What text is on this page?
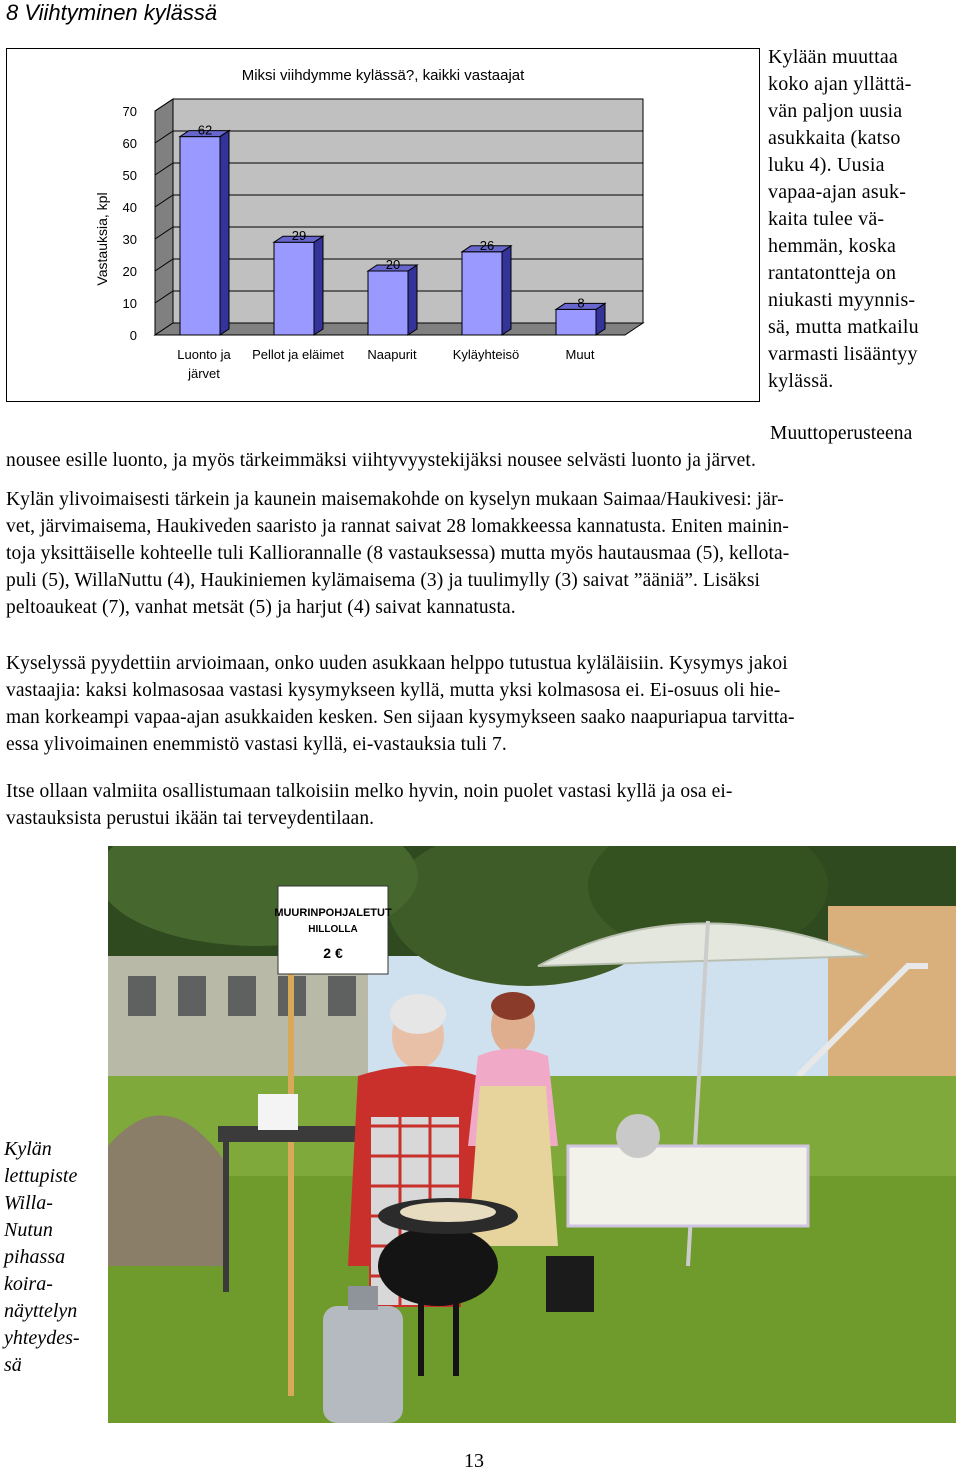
8 Viihtyminen kylässä
Miksi viihdymme kylässä?, kaikki vastaajat
Vastauksia, kpl
0
10
20
30
40
50
60
70
62
29
20
26
8
Luonto ja
järvet
Pellot ja eläimet Naapurit	Kyläyhteisö	Muut
Kylään muuttaa
koko ajan yllättä-
vän paljon uusia
asukkaita (katso
luku 4). Uusia
vapaa-ajan asuk-
kaita tulee vä-
hemmän, koska
rantatontteja on
niukasti myynnis-
sä, mutta matkailu
varmasti lisääntyy
kylässä.
Muuttoperusteena
nousee esille luonto, ja myös tärkeimmäksi viihtyvyystekijäksi nousee selvästi luonto ja järvet.
Kylän ylivoimaisesti tärkein ja kaunein maisemakohde on kyselyn mukaan Saimaa/Haukivesi: jär-
vet, järvimaisema, Haukiveden saaristo ja rannat saivat 28 lomakkeessa kannatusta. Eniten mainin-
toja yksittäiselle kohteelle tuli Kalliorannalle (8 vastauksessa) mutta myös hautausmaa (5), kellota-
puli (5), WillaNuttu (4), Haukiniemen kylämaisema (3) ja tuulimylly (3) saivat ”ääniä”. Lisäksi
peltoaukeat (7), vanhat metsät (5) ja harjut (4) saivat kannatusta.
Kyselyssä pyydettiin arvioimaan, onko uuden asukkaan helppo tutustua kyläläisiin. Kysymys jakoi
vastaajia: kaksi kolmasosaa vastasi kysymykseen kyllä, mutta yksi kolmasosa ei. Ei-osuus oli hie-
man korkeampi vapaa-ajan asukkaiden kesken. Sen sijaan kysymykseen saako naapuriapua tarvitta-
essa ylivoimainen enemmistö vastasi kyllä, ei-vastauksia tuli 7.
Itse ollaan valmiita osallistumaan talkoisiin melko hyvin, noin puolet vastasi kyllä ja osa ei-
vastauksista perustui ikään tai terveydentilaan.
Kylän
lettupiste
Willa-
Nutun
pihassa
koira-
näyttelyn
yhteydes-
sä
MUURINPOHJALETUT
HILLOLLA
2 €
13
